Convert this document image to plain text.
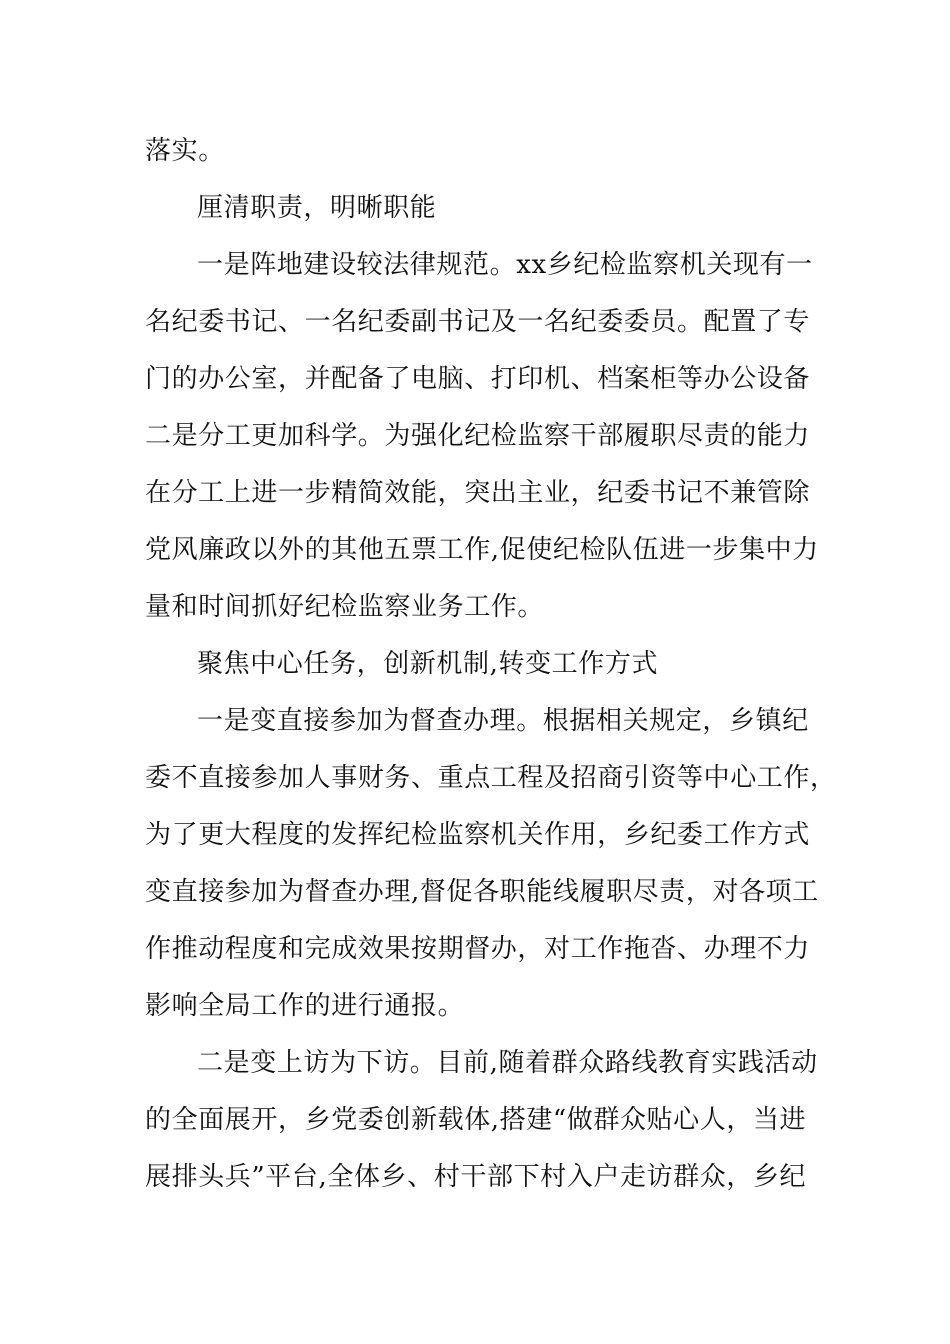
落实。
厘清职责，明晰职能
一是阵地建设较法律规范。xx乡纪检监察机关现有一
名纪委书记、一名纪委副书记及一名纪委委员。配置了专
门的办公室，并配备了电脑、打印机、档案柜等办公设备
二是分工更加科学。为强化纪检监察干部履职尽责的能力
在分工上进一步精简效能，突出主业，纪委书记不兼管除
党风廉政以外的其他五票工作,促使纪检队伍进一步集中力
量和时间抓好纪检监察业务工作。
聚焦中心任务，创新机制,转变工作方式
一是变直接参加为督查办理。根据相关规定，乡镇纪
委不直接参加人事财务、重点工程及招商引资等中心工作，
为了更大程度的发挥纪检监察机关作用，乡纪委工作方式
变直接参加为督查办理,督促各职能线履职尽责，对各项工
作推动程度和完成效果按期督办，对工作拖沓、办理不力
影响全局工作的进行通报。
二是变上访为下访。目前,随着群众路线教育实践活动
的全面展开，乡党委创新载体,搭建“做群众贴心人，当进
展排头兵”平台,全体乡、村干部下村入户走访群众，乡纪
